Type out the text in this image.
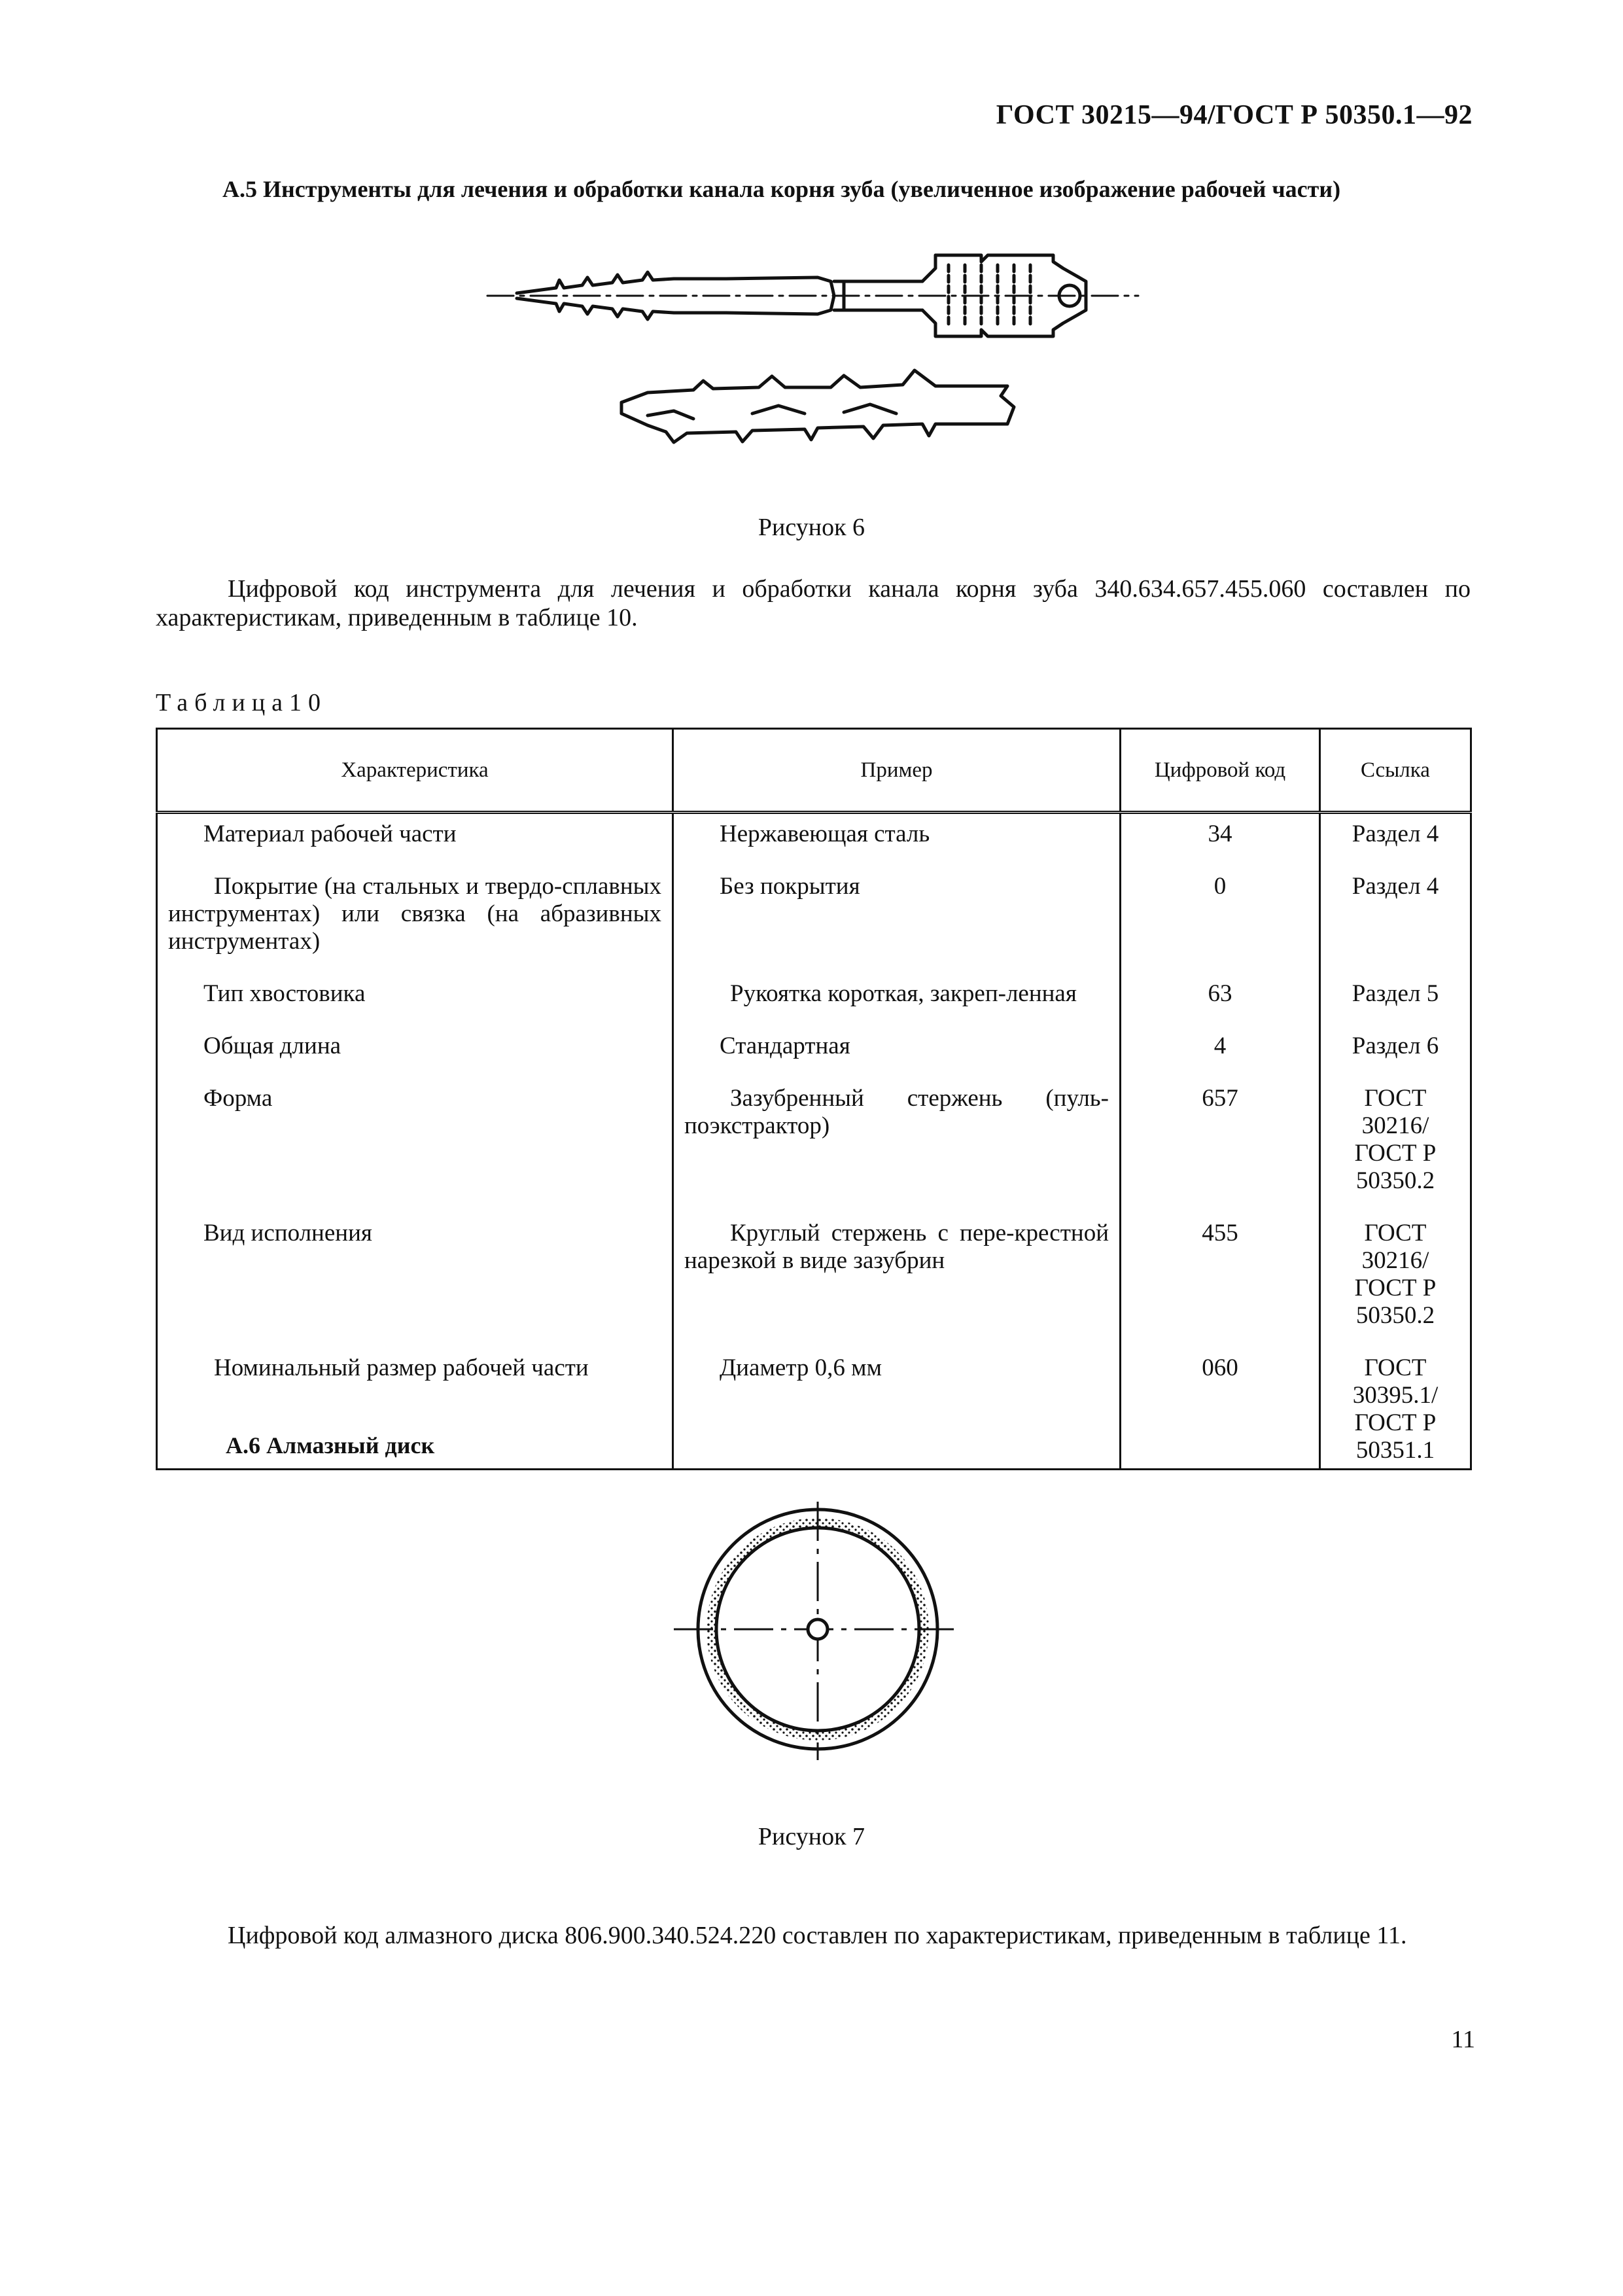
ГОСТ 30215—94/ГОСТ Р 50350.1—92
А.5 Инструменты для лечения и обработки канала корня зуба (увеличенное изображение рабочей части)
Рисунок 6
Цифровой код инструмента для лечения и обработки канала корня зуба 340.634.657.455.060 составлен по характеристикам, приведенным в таблице 10.
Таблица10
Характеристика	Пример	Цифровой код	Ссылка
Материал рабочей части	Нержавеющая сталь	34	Раздел 4
Покрытие (на стальных и твердо-сплавных инструментах) или связка (на абразивных инструментах)	Без покрытия	0	Раздел 4
Тип хвостовика	Рукоятка короткая, закреп-ленная	63	Раздел 5
Общая длина	Стандартная	4	Раздел 6
Форма	Зазубренный стержень (пуль-поэкстрактор)	657	ГОСТ 30216/ ГОСТ Р 50350.2
Вид исполнения	Круглый стержень с пере-крестной нарезкой в виде зазубрин	455	ГОСТ 30216/ ГОСТ Р 50350.2
Номинальный размер рабочей части	Диаметр 0,6 мм	060	ГОСТ 30395.1/ ГОСТ Р 50351.1
А.6 Алмазный диск
Рисунок 7
Цифровой код алмазного диска 806.900.340.524.220 составлен по характеристикам, приведенным в таблице 11.
11
